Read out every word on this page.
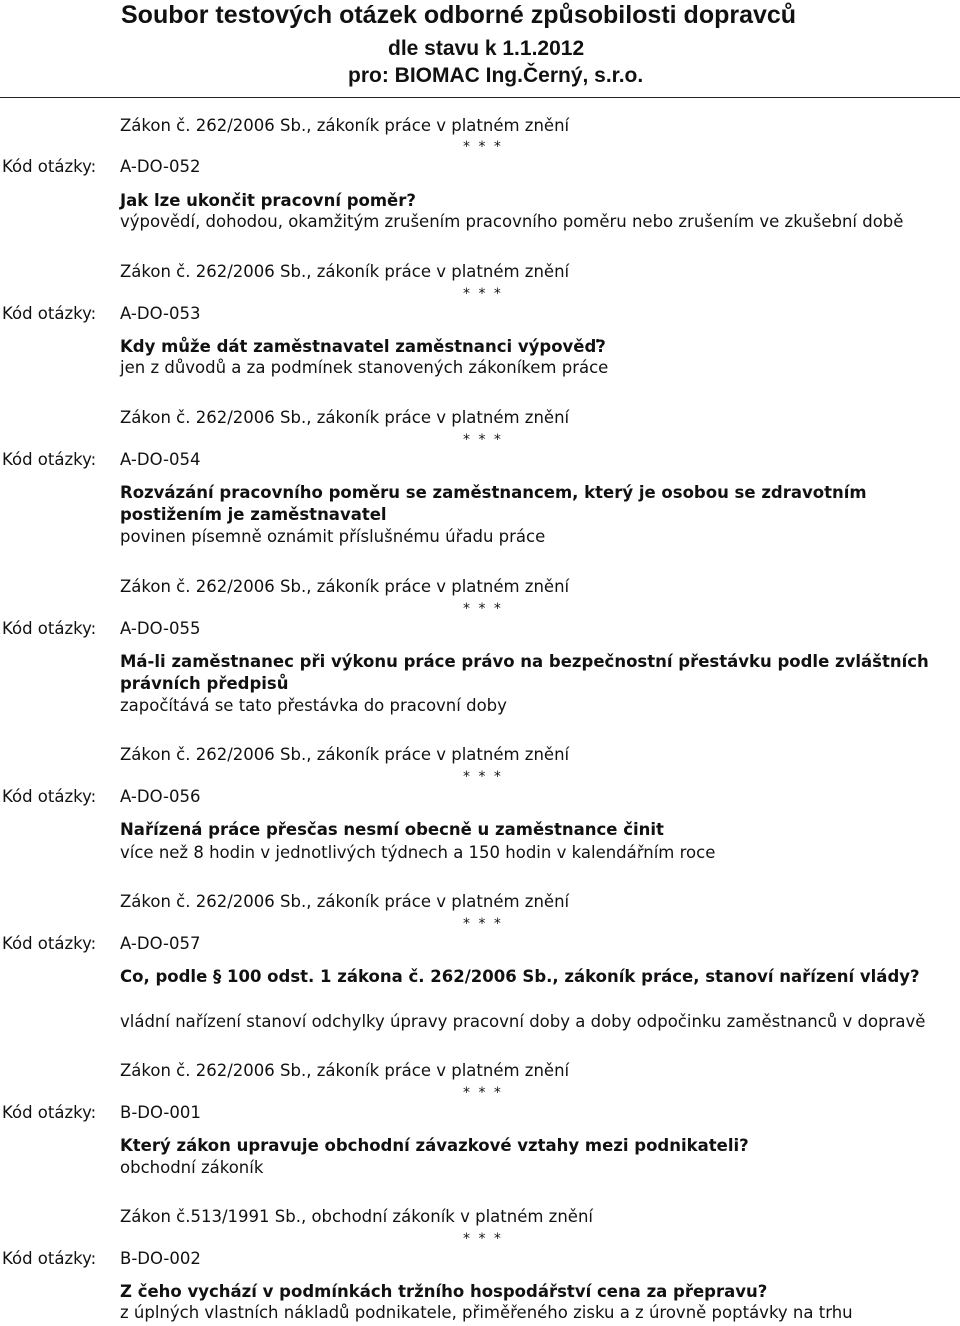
Soubor testových otázek odborné způsobilosti dopravců
dle stavu k 1.1.2012
pro: BIOMAC Ing.Černý, s.r.o.
Zákon č. 262/2006 Sb., zákoník práce v platném znění
* * *
Kód otázky: A-DO-052

Jak lze ukončit pracovní poměr?

výpovědí, dohodou, okamžitým zrušením pracovního poměru nebo zrušením ve zkušební době

Zákon č. 262/2006 Sb., zákoník práce v platném znění
* * *
Kód otázky: A-DO-053

Kdy může dát zaměstnavatel zaměstnanci výpověď?

jen z důvodů a za podmínek stanovených zákoníkem práce

Zákon č. 262/2006 Sb., zákoník práce v platném znění
* * *
Kód otázky: A-DO-054

Rozvázání pracovního poměru se zaměstnancem, který je osobou se zdravotním postižením je zaměstnavatel

povinen písemně oznámit příslušnému úřadu práce

Zákon č. 262/2006 Sb., zákoník práce v platném znění
* * *
Kód otázky: A-DO-055

Má-li zaměstnanec při výkonu práce právo na bezpečnostní přestávku podle zvláštních právních předpisů

započítává se tato přestávka do pracovní doby

Zákon č. 262/2006 Sb., zákoník práce v platném znění
* * *
Kód otázky: A-DO-056

Nařízená práce přesčas nesmí obecně u zaměstnance činit

více než 8 hodin v jednotlivých týdnech a 150 hodin v kalendářním roce

Zákon č. 262/2006 Sb., zákoník práce v platném znění
* * *
Kód otázky: A-DO-057

Co, podle § 100 odst. 1 zákona č. 262/2006 Sb., zákoník práce, stanoví nařízení vlády?

vládní nařízení stanoví odchylky úpravy pracovní doby a doby odpočinku zaměstnanců v dopravě

Zákon č. 262/2006 Sb., zákoník práce v platném znění
* * *
Kód otázky: B-DO-001

Který zákon upravuje obchodní závazkové vztahy mezi podnikateli?

obchodní zákoník

Zákon č.513/1991 Sb., obchodní zákoník v platném znění
* * *
Kód otázky: B-DO-002

Z čeho vychází v podmínkách tržního hospodářství cena za přepravu?

z úplných vlastních nákladů podnikatele, přiměřeného zisku a z úrovně poptávky na trhu
